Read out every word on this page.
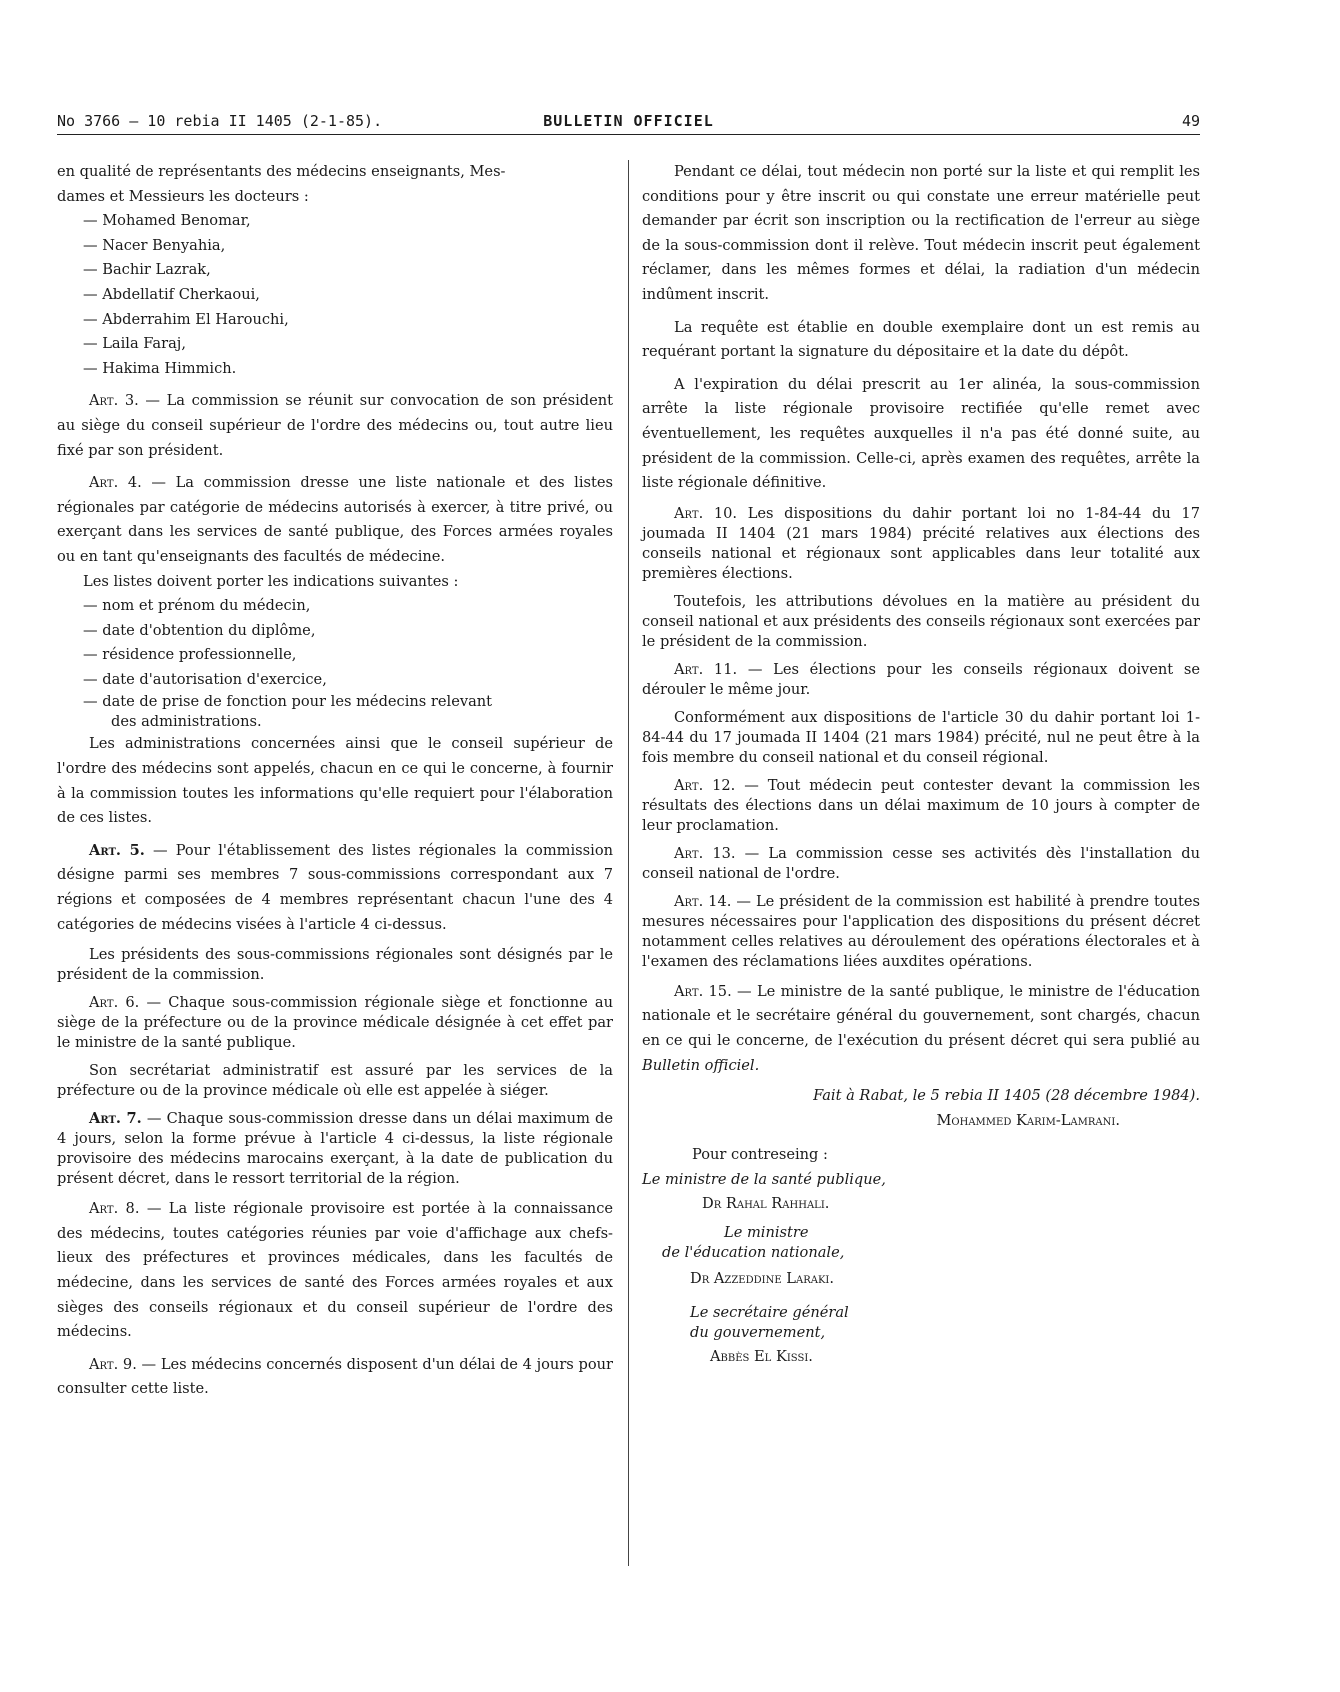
No 3766 — 10 rebia II 1405 (2-1-85).	BULLETIN OFFICIEL	49

en qualité de représentants des médecins enseignants, Mes-

dames et Messieurs les docteurs :

— Mohamed Benomar,

— Nacer Benyahia,

— Bachir Lazrak,

— Abdellatif Cherkaoui,

— Abderrahim El Harouchi,

— Laila Faraj,

— Hakima Himmich.

Art. 3. — La commission se réunit sur convocation de son président au siège du conseil supérieur de l'ordre des médecins ou, tout autre lieu fixé par son président.

Art. 4. — La commission dresse une liste nationale et des listes régionales par catégorie de médecins autorisés à exercer, à titre privé, ou exerçant dans les services de santé publique, des Forces armées royales ou en tant qu'enseignants des facultés de médecine.

Les listes doivent porter les indications suivantes :

— nom et prénom du médecin,

— date d'obtention du diplôme,

— résidence professionnelle,

— date d'autorisation d'exercice,

— date de prise de fonction pour les médecins relevant

des administrations.

Les administrations concernées ainsi que le conseil supérieur de l'ordre des médecins sont appelés, chacun en ce qui le concerne, à fournir à la commission toutes les informations qu'elle requiert pour l'élaboration de ces listes.

Art. 5. — Pour l'établissement des listes régionales la commission désigne parmi ses membres 7 sous-commissions correspondant aux 7 régions et composées de 4 membres représentant chacun l'une des 4 catégories de médecins visées à l'article 4 ci-dessus.

Les présidents des sous-commissions régionales sont désignés par le président de la commission.

Art. 6. — Chaque sous-commission régionale siège et fonctionne au siège de la préfecture ou de la province médicale désignée à cet effet par le ministre de la santé publique.

Son secrétariat administratif est assuré par les services de la préfecture ou de la province médicale où elle est appelée à siéger.

Art. 7. — Chaque sous-commission dresse dans un délai maximum de 4 jours, selon la forme prévue à l'article 4 ci-dessus, la liste régionale provisoire des médecins marocains exerçant, à la date de publication du présent décret, dans le ressort territorial de la région.

Art. 8. — La liste régionale provisoire est portée à la connaissance des médecins, toutes catégories réunies par voie d'affichage aux chefs-lieux des préfectures et provinces médicales, dans les facultés de médecine, dans les services de santé des Forces armées royales et aux sièges des conseils régionaux et du conseil supérieur de l'ordre des médecins.

Art. 9. — Les médecins concernés disposent d'un délai de 4 jours pour consulter cette liste.

Pendant ce délai, tout médecin non porté sur la liste et qui remplit les conditions pour y être inscrit ou qui constate une erreur matérielle peut demander par écrit son inscription ou la rectification de l'erreur au siège de la sous-commission dont il relève. Tout médecin inscrit peut également réclamer, dans les mêmes formes et délai, la radiation d'un médecin indûment inscrit.

La requête est établie en double exemplaire dont un est remis au requérant portant la signature du dépositaire et la date du dépôt.

A l'expiration du délai prescrit au 1er alinéa, la sous-commission arrête la liste régionale provisoire rectifiée qu'elle remet avec éventuellement, les requêtes auxquelles il n'a pas été donné suite, au président de la commission. Celle-ci, après examen des requêtes, arrête la liste régionale définitive.

Art. 10. Les dispositions du dahir portant loi no 1-84-44 du 17 joumada II 1404 (21 mars 1984) précité relatives aux élections des conseils national et régionaux sont applicables dans leur totalité aux premières élections.

Toutefois, les attributions dévolues en la matière au président du conseil national et aux présidents des conseils régionaux sont exercées par le président de la commission.

Art. 11. — Les élections pour les conseils régionaux doivent se dérouler le même jour.

Conformément aux dispositions de l'article 30 du dahir portant loi 1-84-44 du 17 joumada II 1404 (21 mars 1984) précité, nul ne peut être à la fois membre du conseil national et du conseil régional.

Art. 12. — Tout médecin peut contester devant la commission les résultats des élections dans un délai maximum de 10 jours à compter de leur proclamation.

Art. 13. — La commission cesse ses activités dès l'installation du conseil national de l'ordre.

Art. 14. — Le président de la commission est habilité à prendre toutes mesures nécessaires pour l'application des dispositions du présent décret notamment celles relatives au déroulement des opérations électorales et à l'examen des réclamations liées auxdites opérations.

Art. 15. — Le ministre de la santé publique, le ministre de l'éducation nationale et le secrétaire général du gouvernement, sont chargés, chacun en ce qui le concerne, de l'exécution du présent décret qui sera publié au Bulletin officiel.

Fait à Rabat, le 5 rebia II 1405 (28 décembre 1984).

Mohammed Karim-Lamrani.

Pour contreseing :

Le ministre de la santé publique,

Dr Rahal Rahhali.

Le ministre

de l'éducation nationale,

Dr Azzeddine Laraki.

Le secrétaire général

du gouvernement,

Abbès El Kissi.
